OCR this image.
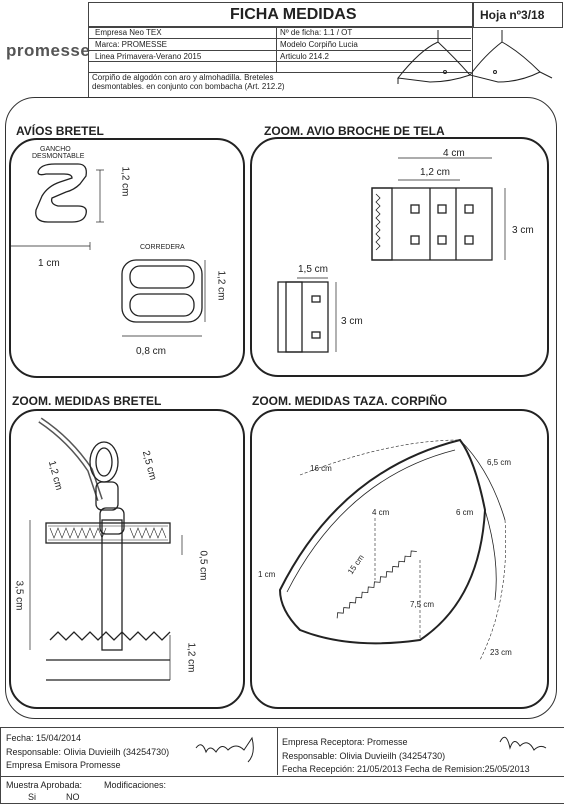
FICHA MEDIDAS	Hoja nº3/18
promesse
Empresa Neo TEX	Nº de ficha: 1.1 / OT
Marca: PROMESSE	Modelo Corpiño Lucia
Linea Primavera-Verano 2015	Articulo 214.2
Corpiño de algodón con aro y almohadilla. Breteles desmontables. en conjunto con bombacha (Art. 212.2)
AVÍOS BRETEL
GANCHO
DESMONTABLE
1,2 cm
1 cm
CORREDERA
1,2 cm
0,8 cm
ZOOM. AVIO BROCHE DE TELA
4 cm
1,2 cm
3 cm
1,5 cm
3 cm
ZOOM. MEDIDAS BRETEL
1,2 cm	2,5 cm
0,5 cm
3,5 cm
1,2 cm
ZOOM. MEDIDAS TAZA. CORPIÑO
16 cm
6,5 cm
4 cm	6 cm
15 cm
1 cm
7,5 cm
23 cm
Fecha: 15/04/2014
Responsable: Olivia Duvieilh (34254730)
Empresa Emisora Promesse
Empresa Receptora: Promesse
Responsable: Olivia Duvieilh (34254730)
Fecha Recepción: 21/05/2013 Fecha de Remision:25/05/2013
Muestra Aprobada: Modificaciones:
Si	NO
